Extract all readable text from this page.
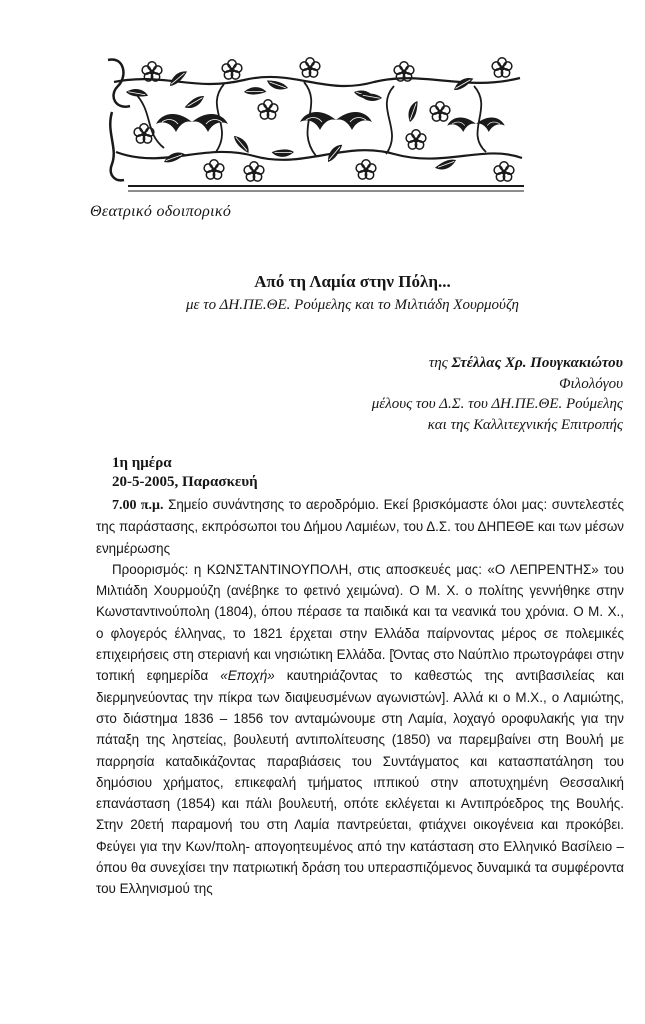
Θεατρικό οδοιπορικό
Από τη Λαμία στην Πόλη...
με το ΔΗ.ΠΕ.ΘΕ. Ρούμελης και το Μιλτιάδη Χουρμούζη
της Στέλλας Χρ. Πουγκακιώτου
Φιλολόγου
μέλους του Δ.Σ. του ΔΗ.ΠΕ.ΘΕ. Ρούμελης
και της Καλλιτεχνικής Επιτροπής
1η ημέρα
20-5-2005, Παρασκευή

7.00 π.μ. Σημείο συνάντησης το αεροδρόμιο. Εκεί βρισκόμαστε όλοι μας: συντελεστές της παράστασης, εκπρόσωποι του Δήμου Λαμιέων, του Δ.Σ. του ΔΗΠΕΘΕ και των μέσων ενημέρωσης

Προορισμός: η ΚΩΝΣΤΑΝΤΙΝΟΥΠΟΛΗ, στις αποσκευές μας: «Ο ΛΕΠΡΕΝΤΗΣ» του Μιλτιάδη Χουρμούζη (ανέβηκε το φετινό χειμώνα). Ο Μ. Χ. ο πολίτης γεννήθηκε στην Κωνσταντινούπολη (1804), όπου πέρασε τα παιδικά και τα νεανικά του χρόνια. Ο Μ. Χ., ο φλογερός έλληνας, το 1821 έρχεται στην Ελλάδα παίρνοντας μέρος σε πολεμικές επιχειρήσεις στη στεριανή και νησιώτικη Ελλάδα. [Όντας στο Ναύπλιο πρωτογράφει στην τοπική εφημερίδα «Εποχή» καυτηριάζοντας το καθεστώς της αντιβασιλείας και διερμηνεύοντας την πίκρα των διαψευσμένων αγωνιστών]. Αλλά κι ο Μ.Χ., ο Λαμιώτης, στο διάστημα 1836 – 1856 τον ανταμώνουμε στη Λαμία, λοχαγό οροφυλακής για την πάταξη της ληστείας, βουλευτή αντιπολίτευσης (1850) να παρεμβαίνει στη Βουλή με παρρησία καταδικάζοντας παραβιάσεις του Συντάγματος και κατασπατάληση του δημόσιου χρήματος, επικεφαλή τμήματος ιππικού στην αποτυχημένη Θεσσαλική επανάσταση (1854) και πάλι βουλευτή, οπότε εκλέγεται κι Αντιπρόεδρος της Βουλής. Στην 20ετή παραμονή του στη Λαμία παντρεύεται, φτιάχνει οικογένεια και προκόβει. Φεύγει για την Κων/πολη- απογοητευμένος από την κατάσταση στο Ελληνικό Βασίλειο – όπου θα συνεχίσει την πατριωτική δράση του υπερασπιζόμενος δυναμικά τα συμφέροντα του Ελληνισμού της
